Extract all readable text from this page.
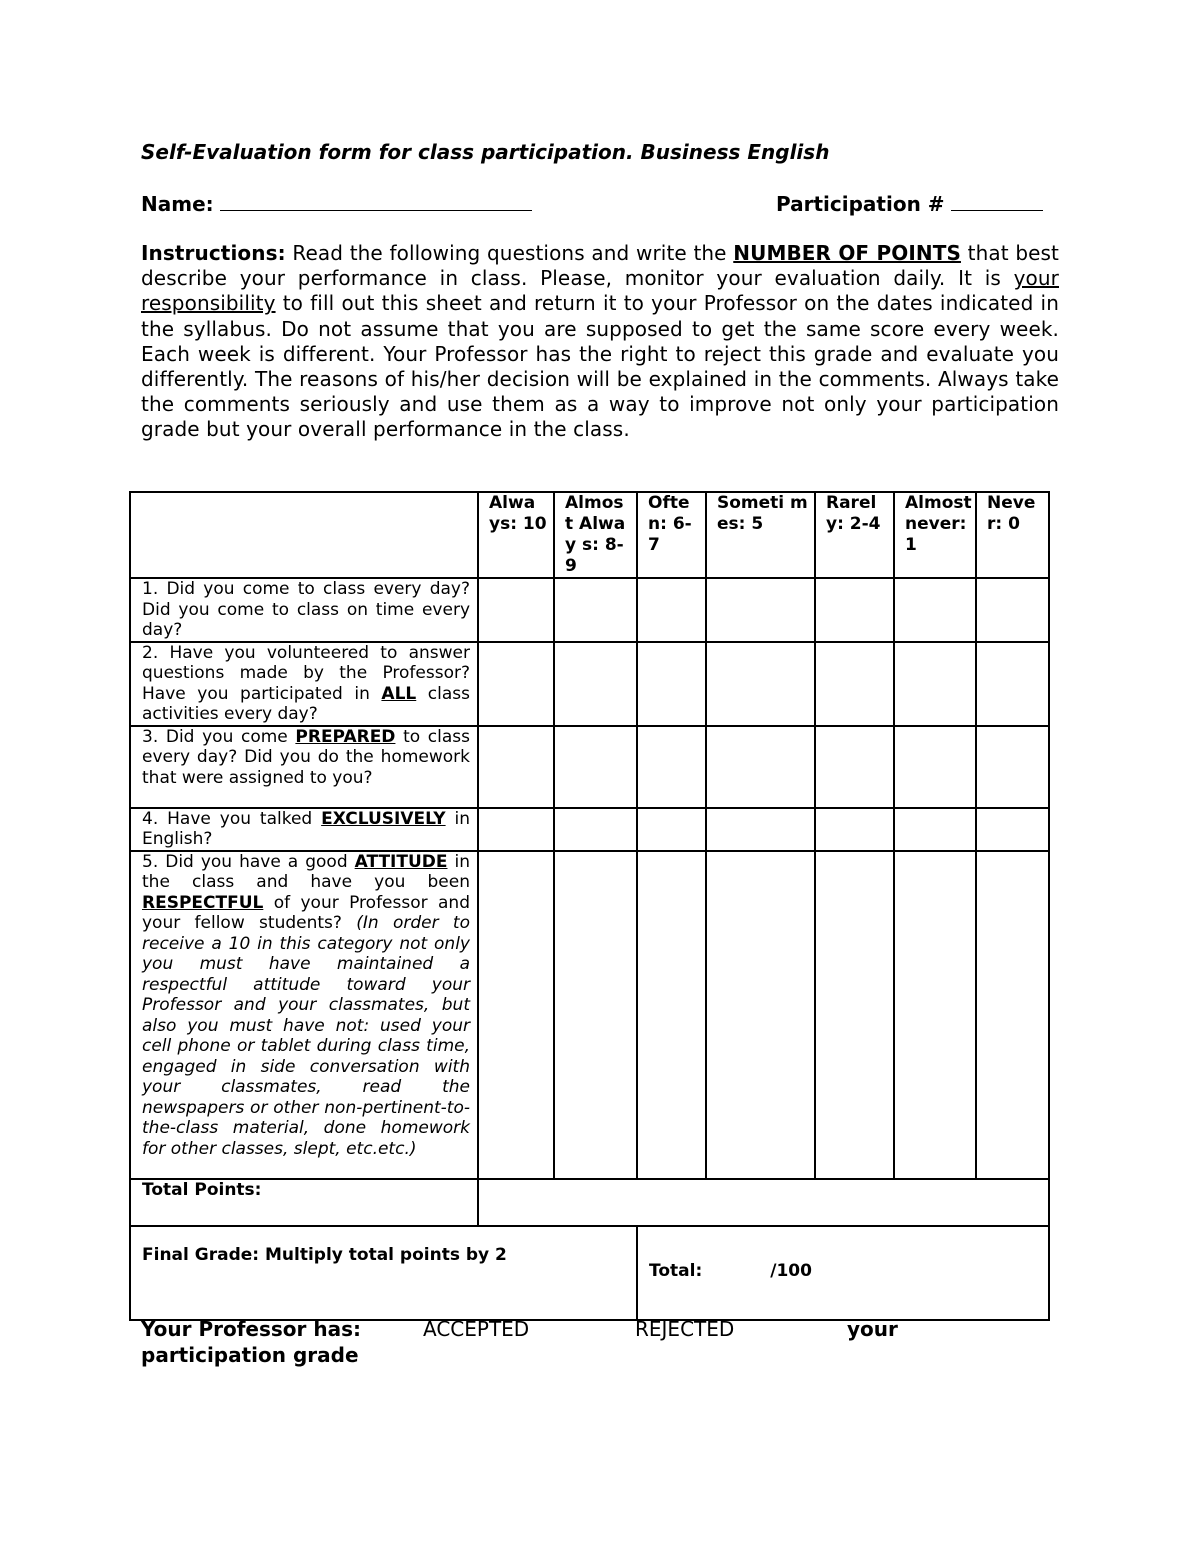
Self-Evaluation form for class participation. Business English
Name:	Participation #
Instructions: Read the following questions and write the NUMBER OF POINTS that best describe your performance in class. Please, monitor your evaluation daily. It is your responsibility to fill out this sheet and return it to your Professor on the dates indicated in the syllabus. Do not assume that you are supposed to get the same score every week. Each week is different. Your Professor has the right to reject this grade and evaluate you differently. The reasons of his/her decision will be explained in the comments. Always take the comments seriously and use them as a way to improve not only your participation grade but your overall performance in the class.
	Alwa ys: 10	Almos t Alway s: 8-9	Ofte n: 6-7	Someti mes: 5	Rarel y: 2-4	Almost never: 1	Neve r: 0
1. Did you come to class every day? Did you come to class on time every day?							
2. Have you volunteered to answer questions made by the Professor? Have you participated in ALL class activities every day?							
3. Did you come PREPARED to class every day? Did you do the homework that were assigned to you?							
4. Have you talked EXCLUSIVELY in English?							
5. Did you have a good ATTITUDE in the class and have you been RESPECTFUL of your Professor and your fellow students? (In order to receive a 10 in this category not only you must have maintained a respectful attitude toward your Professor and your classmates, but also you must have not: used your cell phone or tablet during class time, engaged in side conversation with your classmates, read the newspapers or other non-pertinent-to-the-class material, done homework for other classes, slept, etc.etc.)							
Total Points:							
Final Grade: Multiply total points by 2			Total: /100				
Your Professor has:	ACCEPTED	REJECTED	your
participation grade
